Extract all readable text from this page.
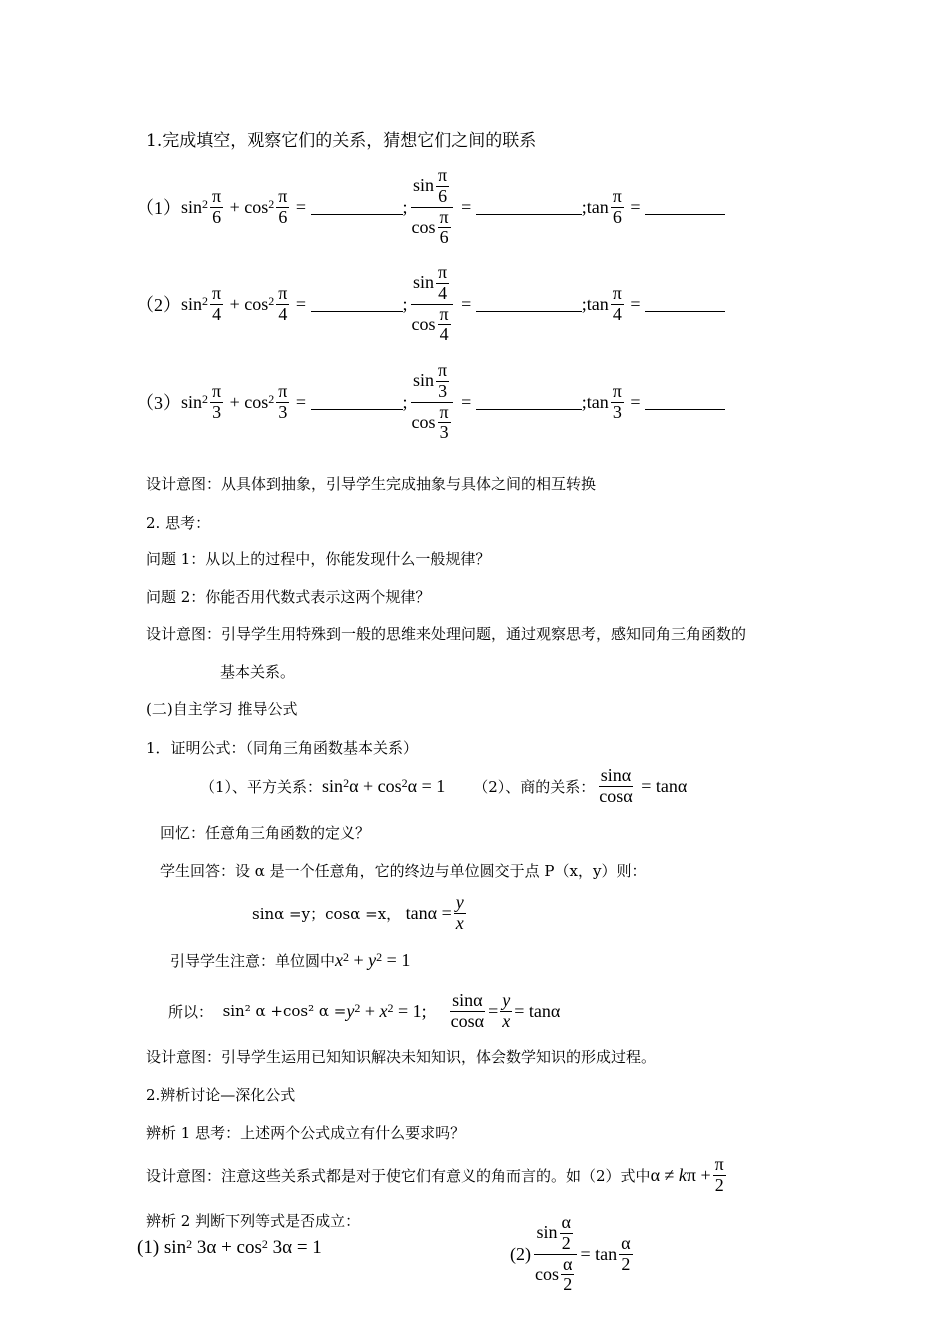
1.完成填空，观察它们的关系，猜想它们之间的联系
（1） $\sin^2 \frac{\pi}{6} + \cos^2 \frac{\pi}{6}$ =	; $\frac{\sin \frac{\pi}{6}}{\cos \frac{\pi}{6}}$ =	;tan $\frac{\pi}{6}$ =
（2） $\sin^2 \frac{\pi}{4} + \cos^2 \frac{\pi}{4}$ =	; $\frac{\sin \frac{\pi}{4}}{\cos \frac{\pi}{4}}$ =	;tan $\frac{\pi}{4}$ =
（3） $\sin^2 \frac{\pi}{3} + \cos^2 \frac{\pi}{3}$ =	; $\frac{\sin \frac{\pi}{3}}{\cos \frac{\pi}{3}}$ =	;tan $\frac{\pi}{3}$ =
设计意图：从具体到抽象，引导学生完成抽象与具体之间的相互转换
2. 思考：
问题 1：从以上的过程中，你能发现什么一般规律？
问题 2：你能否用代数式表示这两个规律？
设计意图：引导学生用特殊到一般的思维来处理问题，通过观察思考，感知同角三角函数的
基本关系。
(二)自主学习 推导公式
1．证明公式：（同角三角函数基本关系）
（1）、平方关系： $\sin^2\alpha + \cos^2\alpha = 1$ （2）、商的关系： $\frac{\sin\alpha}{\cos\alpha}$
=
tan α
回忆：任意角三角函数的定义？
学生回答：设 α 是一个任意角，它的终边与单位圆交于点 P（x，y）则：
sinα =y；cosα =x，
tan α
= $\frac{y}{x}$
引导学生注意：单位圆中 $x^2 + y^2 = 1$
所以：
sin² α +cos² $\alpha = y^2 + x^2 = 1$; $\frac{\sin\alpha}{\cos\alpha} = \frac{y}{x}$ =
tan α
设计意图：引导学生运用已知知识解决未知知识，体会数学知识的形成过程。
2.辨析讨论—深化公式
辨析 1 思考：上述两个公式成立有什么要求吗？
设计意图：注意这些关系式都是对于使它们有意义的角而言的。如（2）式中 α ≠ k π
+ $\frac{\pi}{2}$
辨析 2 判断下列等式是否成立：
(1) $\sin^2 3\alpha + \cos^2 3\alpha = 1$	$(2) \frac{\sin \frac{\alpha}{2}}{\cos \frac{\alpha}{2}}$ =
$\tan \frac{\alpha}{2}$
